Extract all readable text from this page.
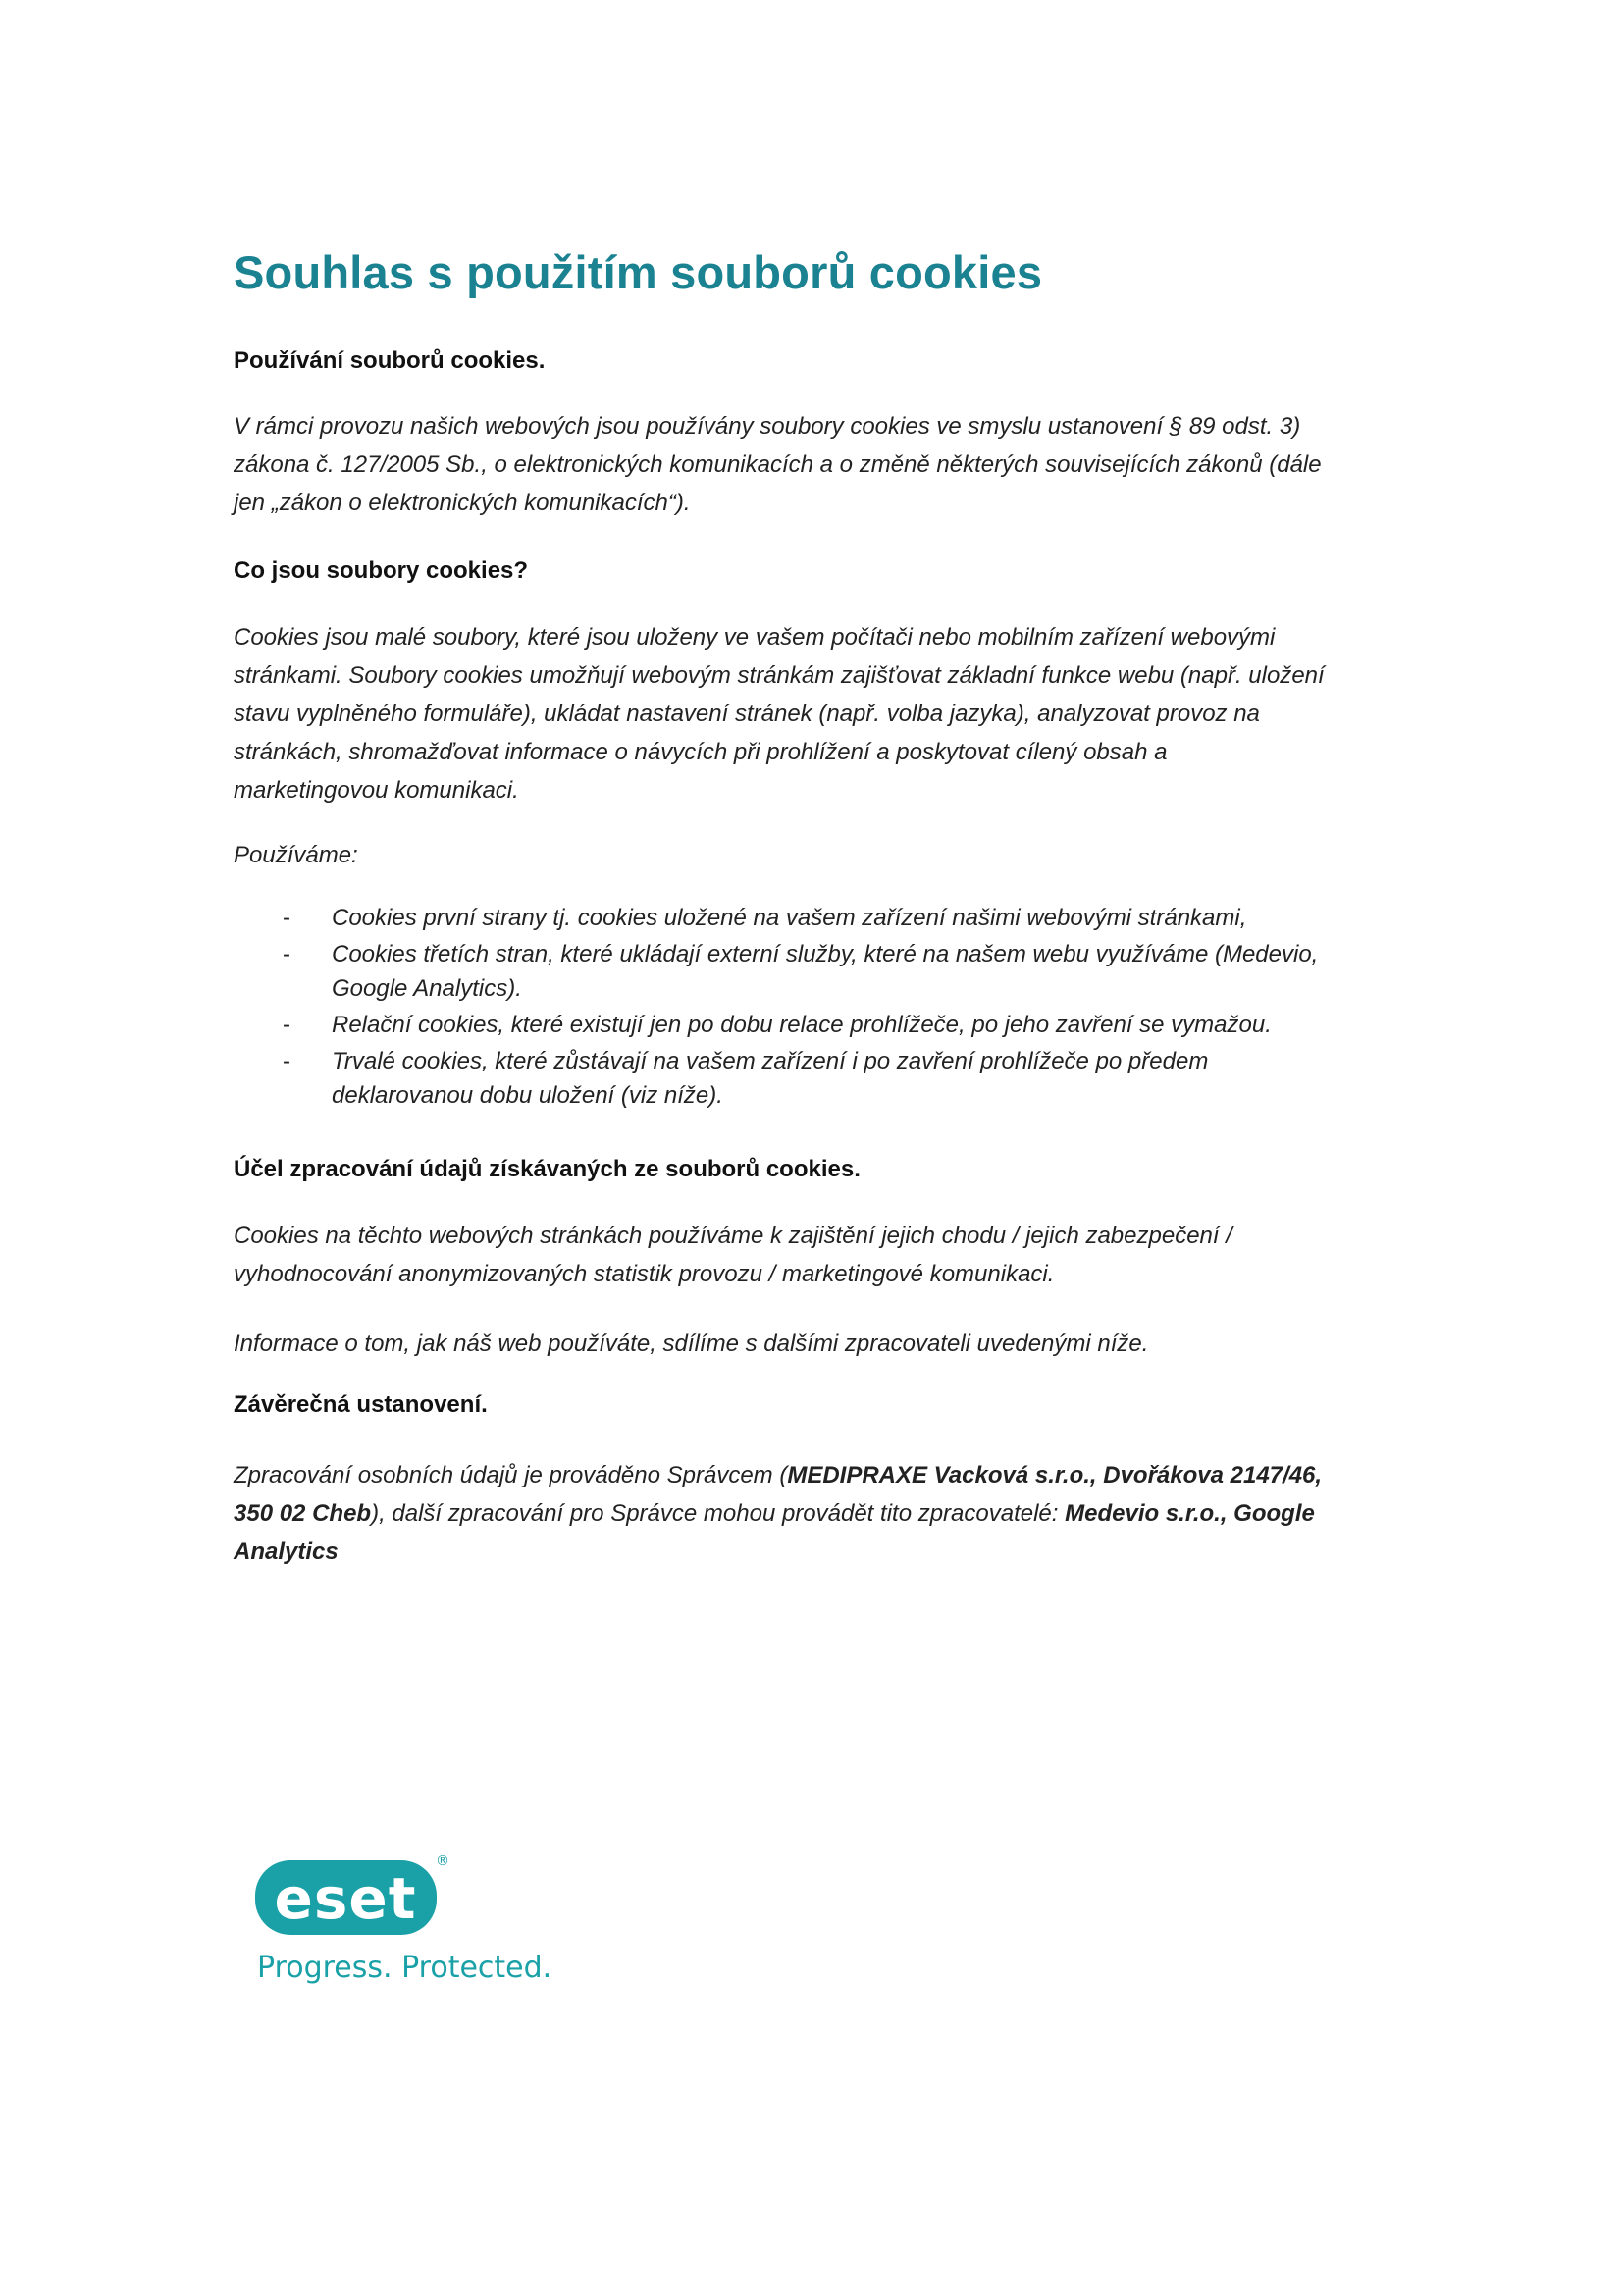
Souhlas s použitím souborů cookies

Používání souborů cookies.

V rámci provozu našich webových jsou používány soubory cookies ve smyslu ustanovení § 89 odst. 3)
zákona č. 127/2005 Sb., o elektronických komunikacích a o změně některých souvisejících zákonů (dále
jen „zákon o elektronických komunikacích“).

Co jsou soubory cookies?

Cookies jsou malé soubory, které jsou uloženy ve vašem počítači nebo mobilním zařízení webovými
stránkami. Soubory cookies umožňují webovým stránkám zajišťovat základní funkce webu (např. uložení
stavu vyplněného formuláře), ukládat nastavení stránek (např. volba jazyka), analyzovat provoz na
stránkách, shromažďovat informace o návycích při prohlížení a poskytovat cílený obsah a
marketingovou komunikaci.
Používáme:
- Cookies první strany tj. cookies uložené na vašem zařízení našimi webovými stránkami,
- Cookies třetích stran, které ukládají externí služby, které na našem webu využíváme (Medevio,
Google Analytics).
- Relační cookies, které existují jen po dobu relace prohlížeče, po jeho zavření se vymažou.
- Trvalé cookies, které zůstávají na vašem zařízení i po zavření prohlížeče po předem
deklarovanou dobu uložení (viz níže).

Účel zpracování údajů získávaných ze souborů cookies.

Cookies na těchto webových stránkách používáme k zajištění jejich chodu / jejich zabezpečení /
vyhodnocování anonymizovaných statistik provozu / marketingové komunikaci.
Informace o tom, jak náš web používáte, sdílíme s dalšími zpracovateli uvedenými níže.

Závěrečná ustanovení.

Zpracování osobních údajů je prováděno Správcem (MEDIPRAXE Vacková s.r.o., Dvořákova 2147/46,
350 02 Cheb), další zpracování pro Správce mohou provádět tito zpracovatelé: Medevio s.r.o., Google
Analytics
eset
®
Progress. Protected.
